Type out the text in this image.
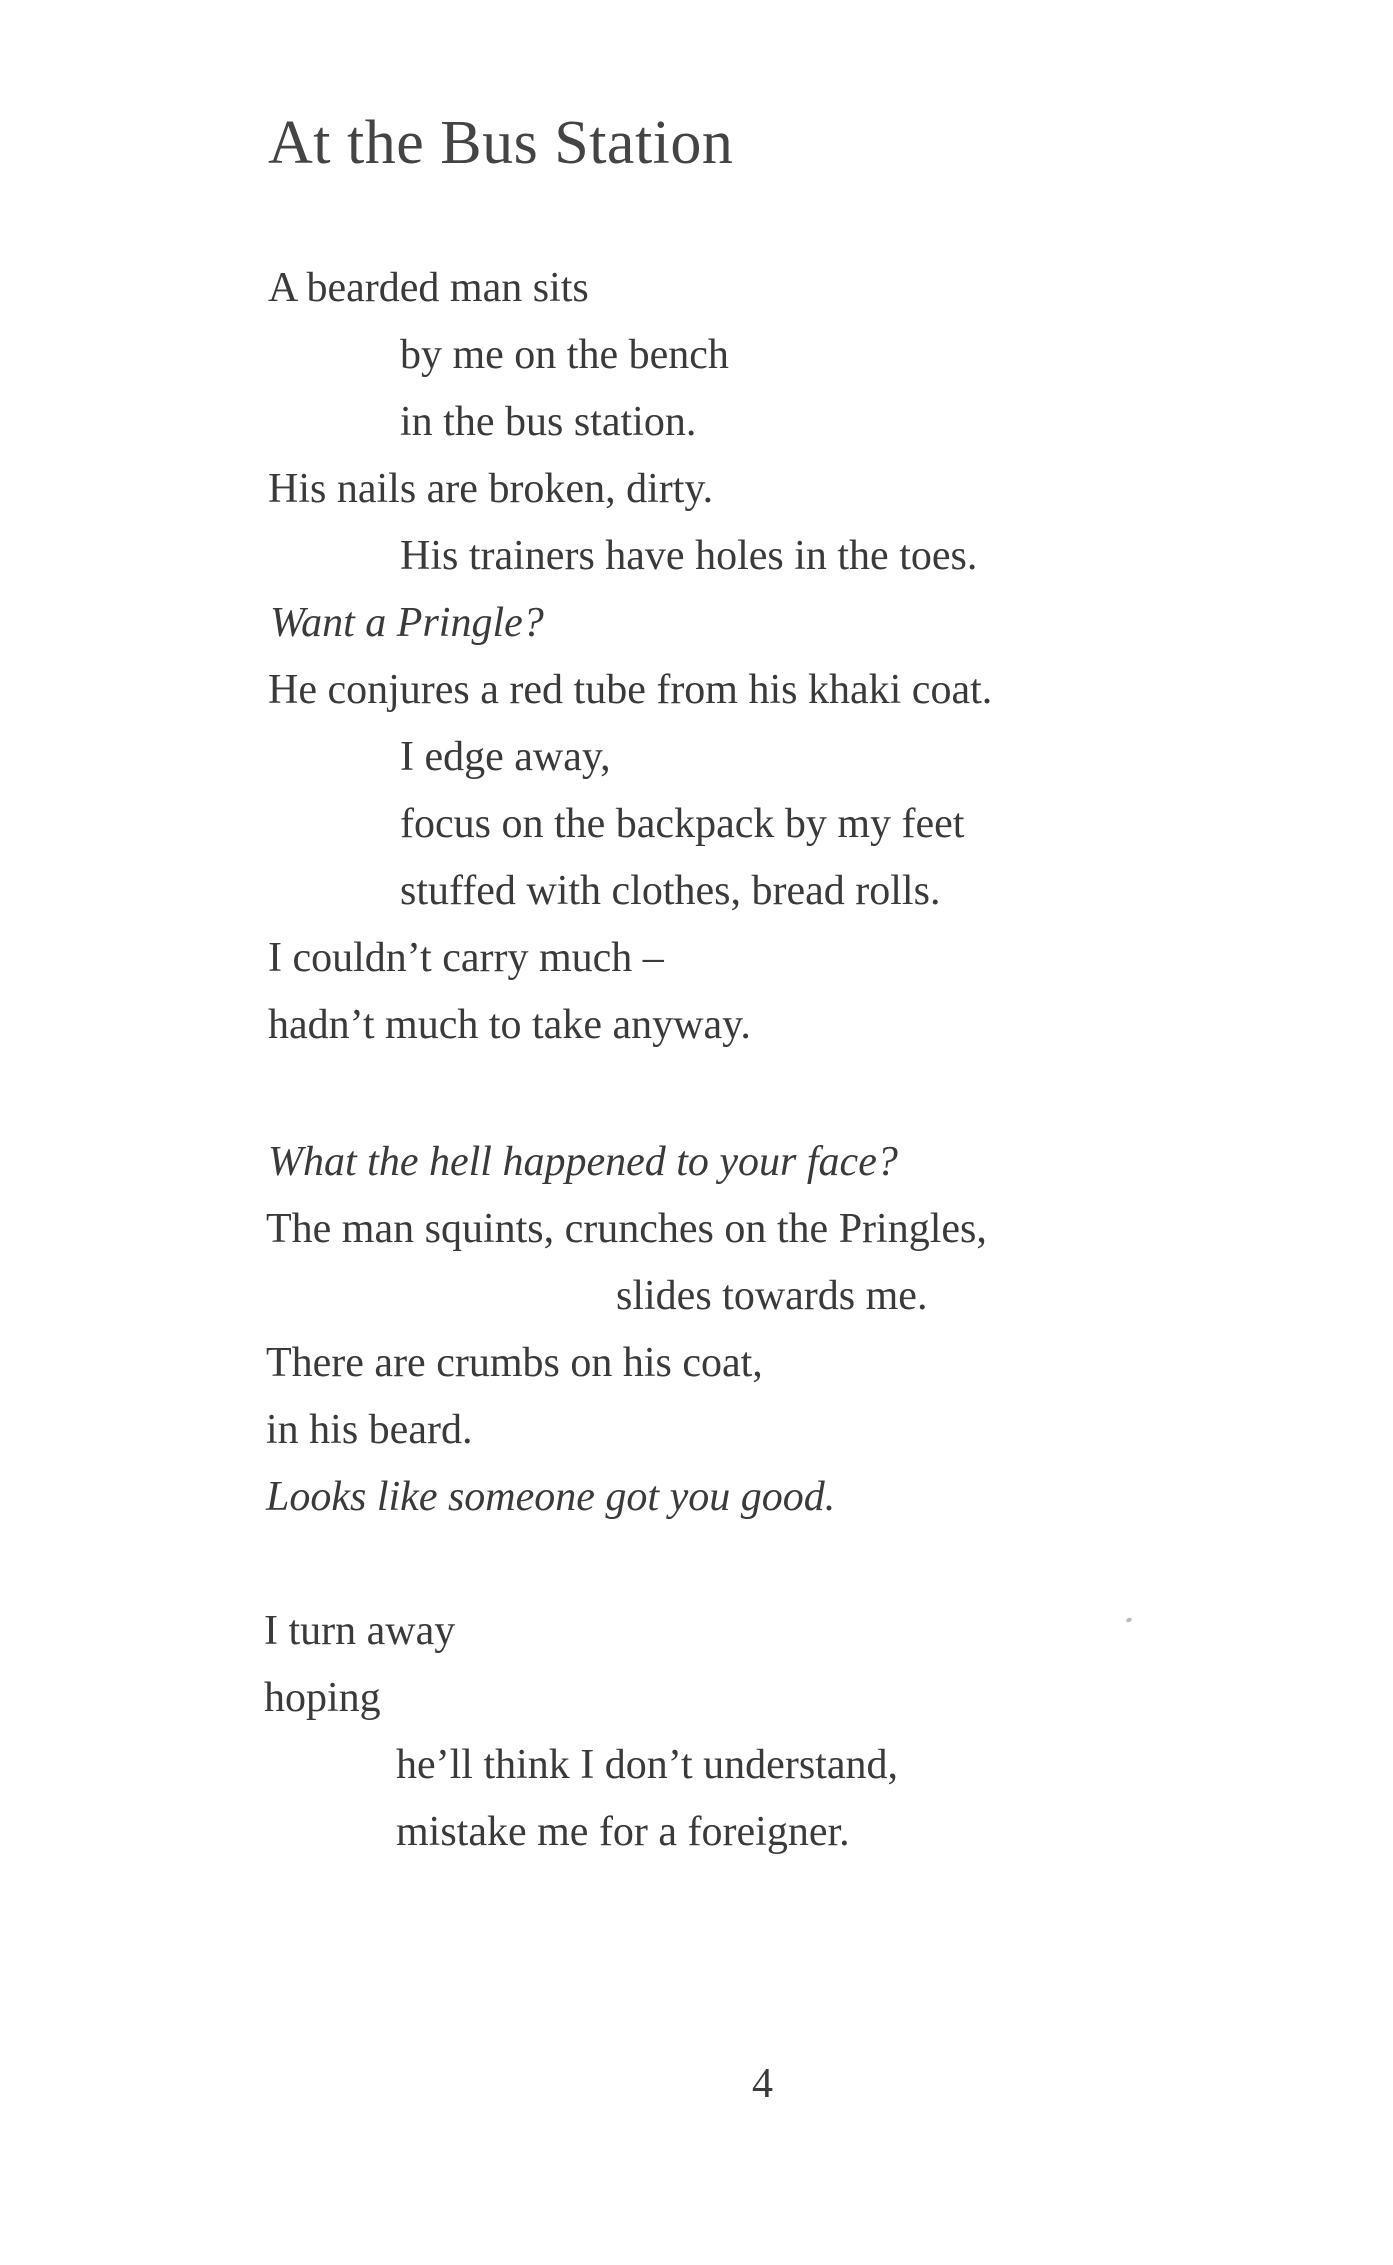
At the Bus Station
A bearded man sits
by me on the bench
in the bus station.
His nails are broken, dirty.
His trainers have holes in the toes.
Want a Pringle?
He conjures a red tube from his khaki coat.
I edge away,
focus on the backpack by my feet
stuffed with clothes, bread rolls.
I couldn’t carry much –
hadn’t much to take anyway.
What the hell happened to your face?
The man squints, crunches on the Pringles,
slides towards me.
There are crumbs on his coat,
in his beard.
Looks like someone got you good.
I turn away
hoping
he’ll think I don’t understand,
mistake me for a foreigner.
4
